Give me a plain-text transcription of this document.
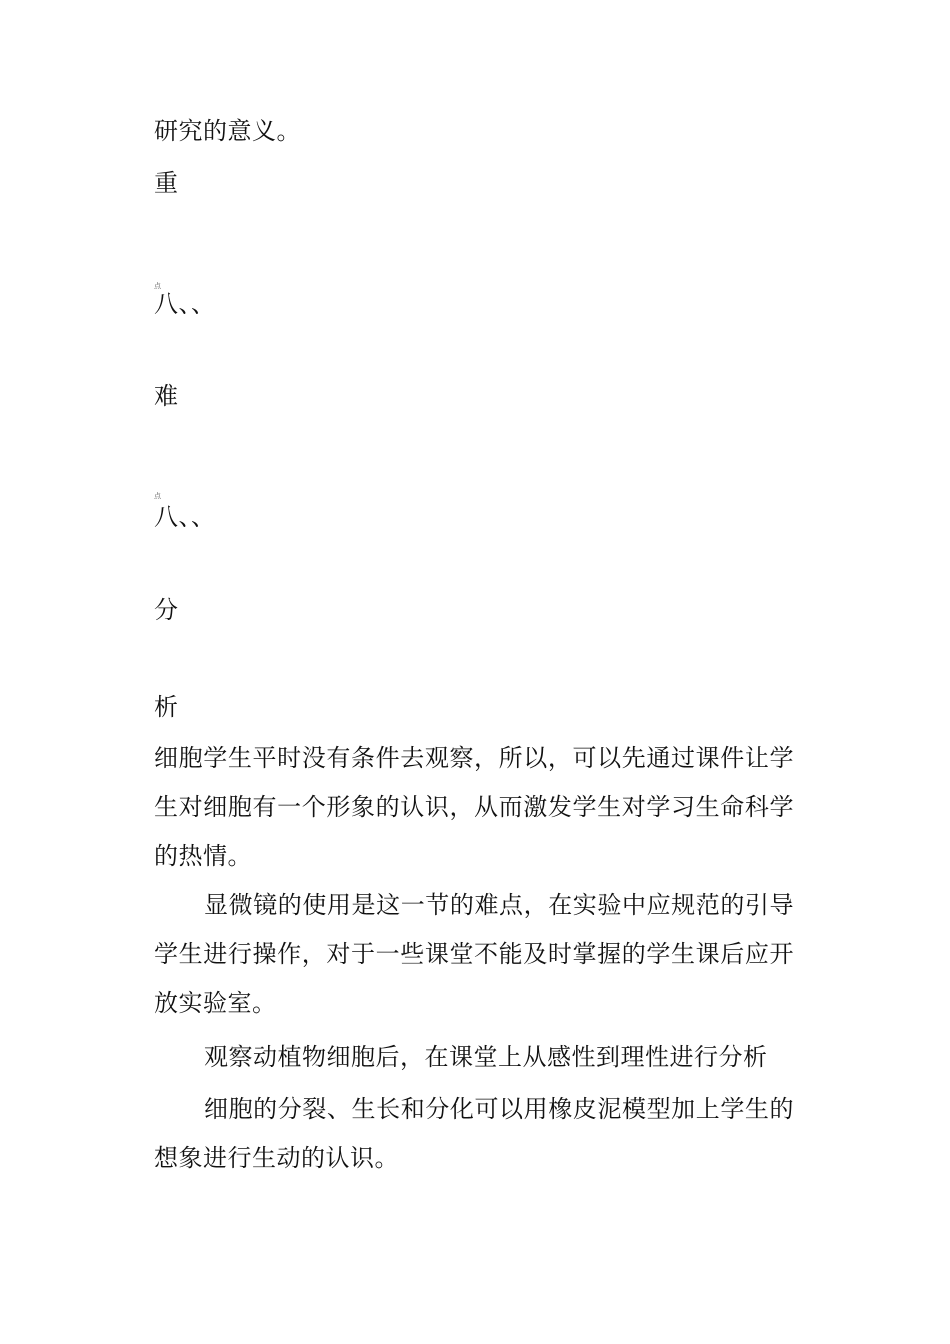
研究的意义。
重
点
八、、
难
点
八、、
分
析
细胞学生平时没有条件去观察，所以，可以先通过课件让学生对细胞有一个形象的认识，从而激发学生对学习生命科学的热情。
显微镜的使用是这一节的难点，在实验中应规范的引导学生进行操作，对于一些课堂不能及时掌握的学生课后应开放实验室。
观察动植物细胞后，在课堂上从感性到理性进行分析
细胞的分裂、生长和分化可以用橡皮泥模型加上学生的想象进行生动的认识。
